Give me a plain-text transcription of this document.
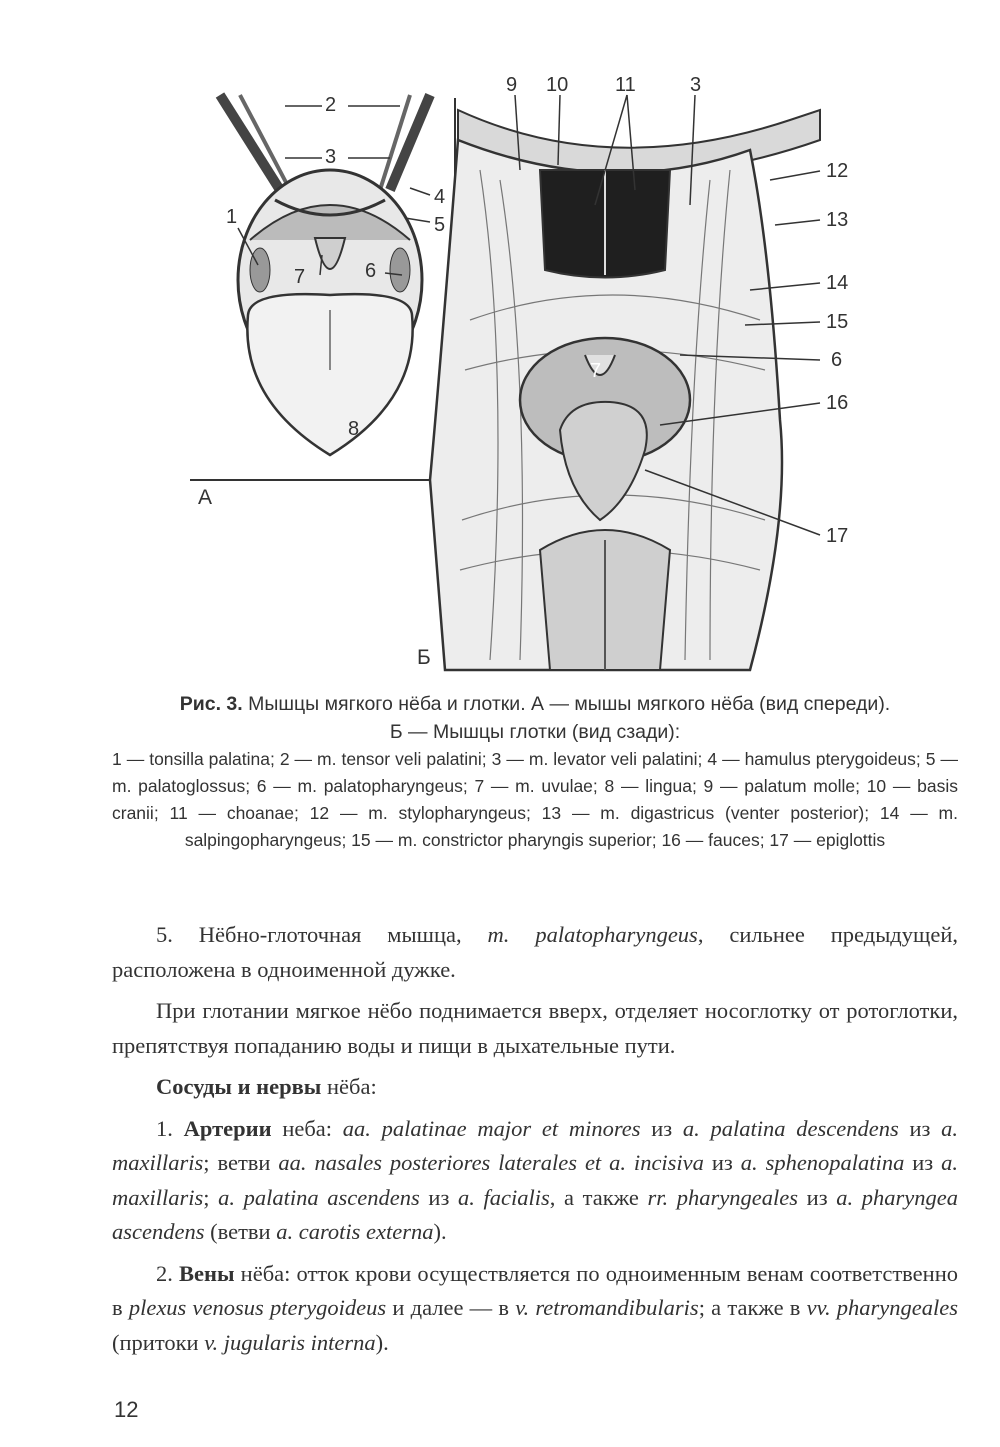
2
3
4
5
1
7	6
8
А
9 10 11	3
12
13
14
15
6
7
16
17
Б
Рис. 3. Мышцы мягкого нёба и глотки. А — мышы мягкого нёба (вид спереди).
Б — Мышцы глотки (вид сзади):
1 — tonsilla palatina; 2 — m. tensor veli palatini; 3 — m. levator veli palatini; 4 — hamulus pterygoideus; 5 — m. palatoglossus; 6 — m. palatopharyngeus; 7 — m. uvulae; 8 — lingua; 9 — palatum molle; 10 — basis cranii; 11 — choanae; 12 — m. stylopharyngeus; 13 — m. digastricus (venter posterior); 14 — m. salpingopharyngeus; 15 — m. constrictor pharyngis superior; 16 — fauces; 17 — epiglottis

5. Нёбно-глоточная мышца, m. palatopharyngeus, сильнее предыдущей, расположена в одноименной дужке.

При глотании мягкое нёбо поднимается вверх, отделяет носоглотку от ротоглотки, препятствуя попаданию воды и пищи в дыхательные пути.

Сосуды и нервы нёба:

1. Артерии неба: aa. palatinae major et minores из a. palatina descendens из a. maxillaris; ветви aa. nasales posteriores laterales et a. incisiva из a. sphenopalatina из a. maxillaris; a. palatina ascendens из a. facialis, а также rr. pharyngeales из a. pharyngea ascendens (ветви a. carotis externa).

2. Вены нёба: отток крови осуществляется по одноименным венам соответственно в plexus venosus pterygoideus и далее — в v. retromandibularis; а также в vv. pharyngeales (притоки v. jugularis interna).

12
